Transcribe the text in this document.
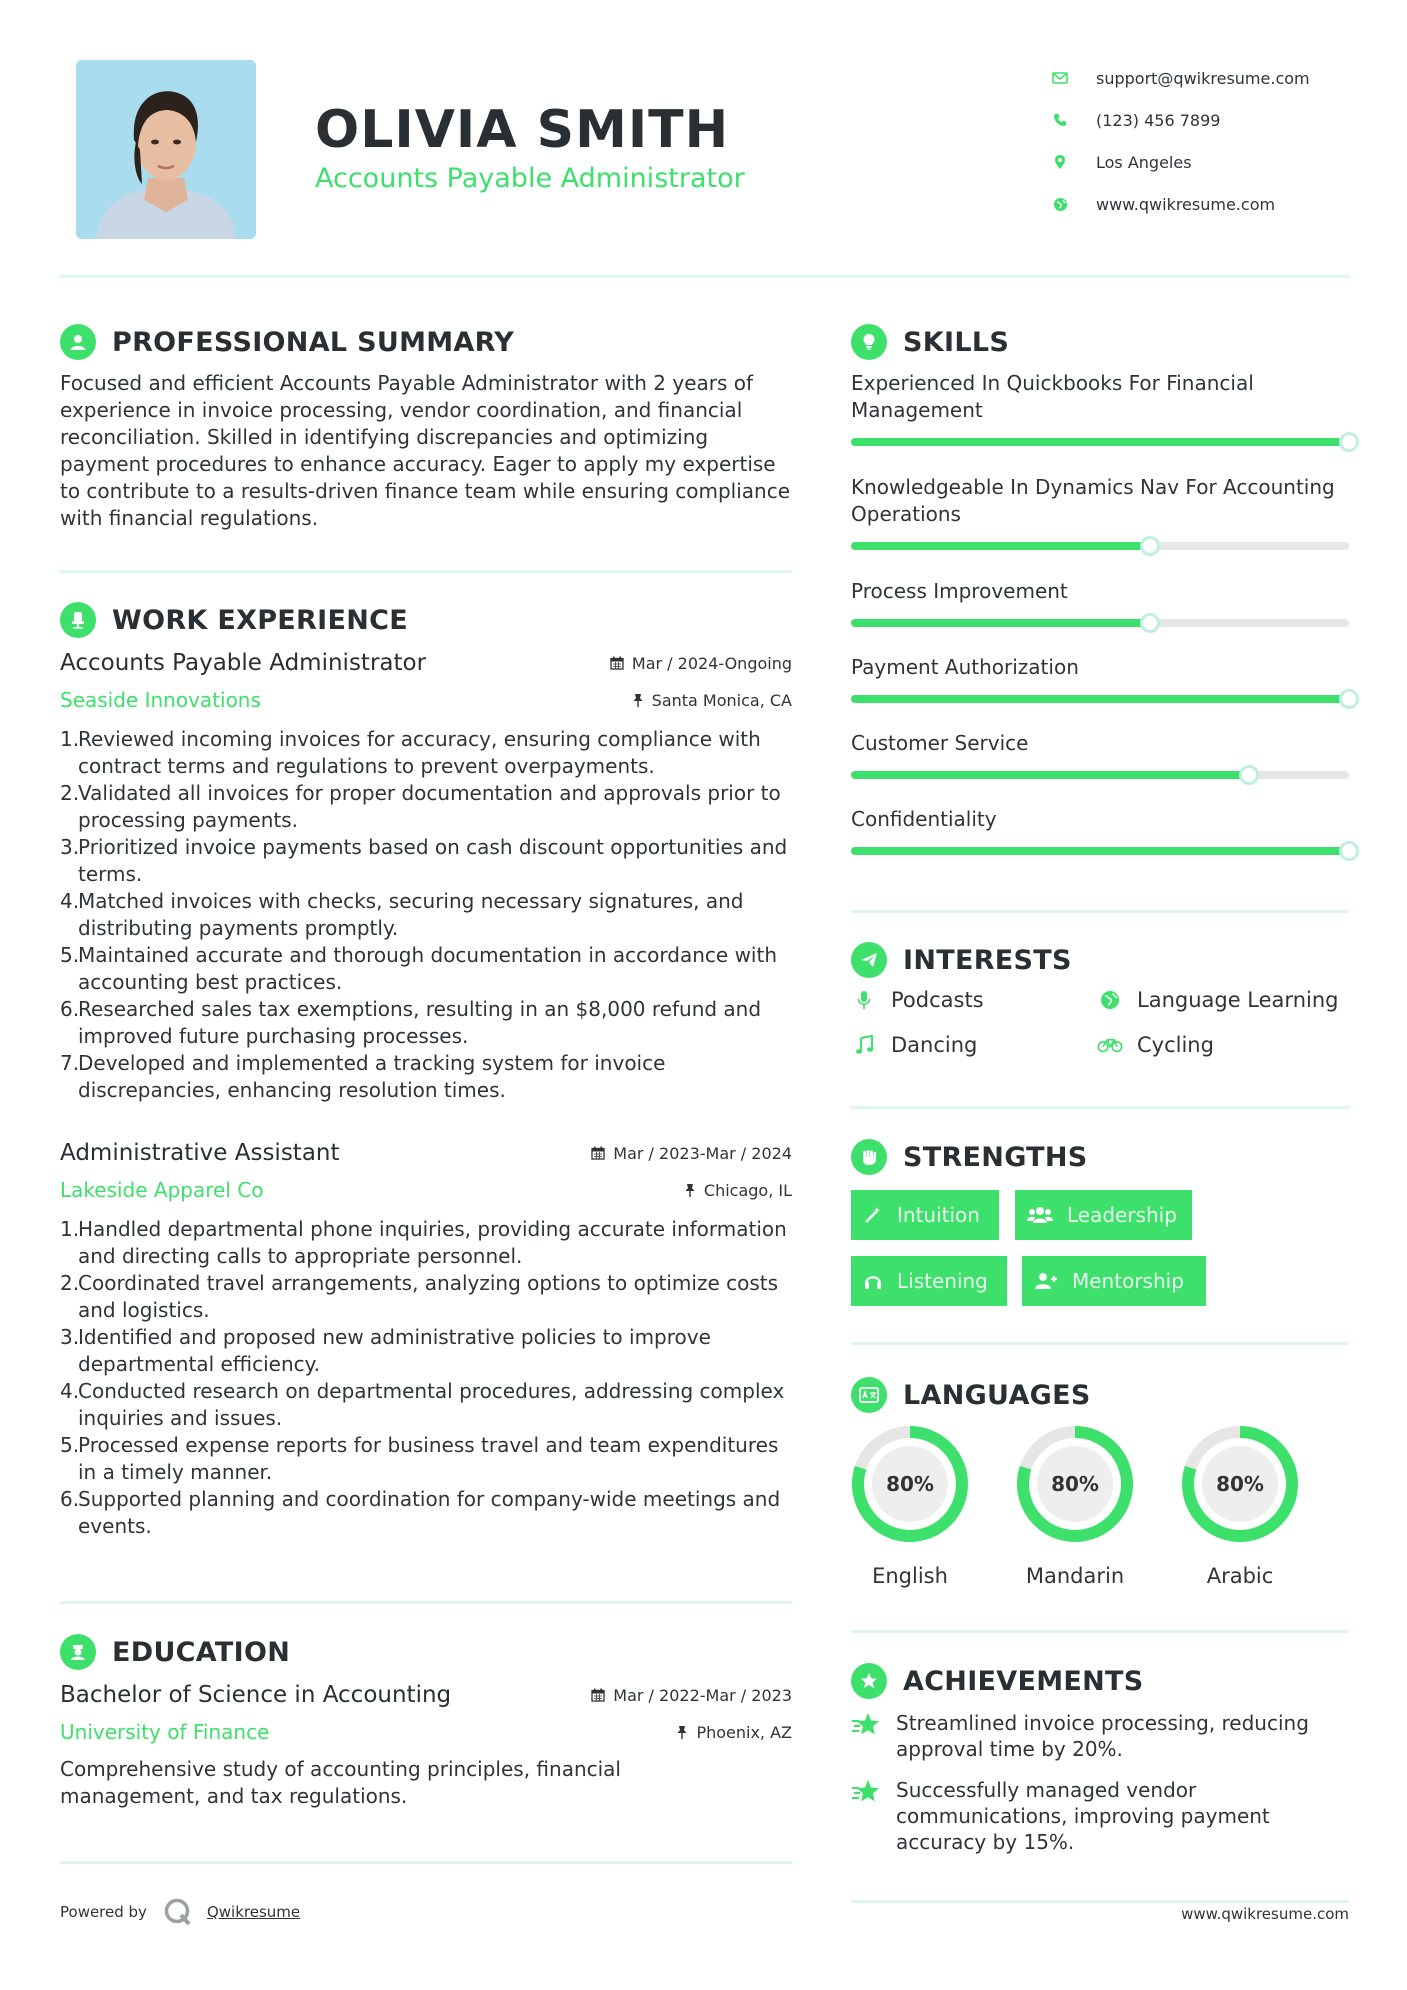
OLIVIA SMITH
Accounts Payable Administrator
support@qwikresume.com
(123) 456 7899
Los Angeles
www.qwikresume.com
PROFESSIONAL SUMMARY
Focused and efficient Accounts Payable Administrator with 2 years of experience in invoice processing, vendor coordination, and financial reconciliation. Skilled in identifying discrepancies and optimizing payment procedures to enhance accuracy. Eager to apply my expertise to contribute to a results-driven finance team while ensuring compliance with financial regulations.
WORK EXPERIENCE
Accounts Payable Administrator	Mar / 2024-Ongoing
Seaside Innovations	Santa Monica, CA
1.
Reviewed incoming invoices for accuracy, ensuring compliance with contract terms and regulations to prevent overpayments.
2.
Validated all invoices for proper documentation and approvals prior to processing payments.
3.
Prioritized invoice payments based on cash discount opportunities and terms.
4.
Matched invoices with checks, securing necessary signatures, and distributing payments promptly.
5.
Maintained accurate and thorough documentation in accordance with accounting best practices.
6.
Researched sales tax exemptions, resulting in an $8,000 refund and improved future purchasing processes.
7.
Developed and implemented a tracking system for invoice discrepancies, enhancing resolution times.
Administrative Assistant	Mar / 2023-Mar / 2024
Lakeside Apparel Co	Chicago, IL
1.
Handled departmental phone inquiries, providing accurate information and directing calls to appropriate personnel.
2.
Coordinated travel arrangements, analyzing options to optimize costs and logistics.
3.
Identified and proposed new administrative policies to improve departmental efficiency.
4.
Conducted research on departmental procedures, addressing complex inquiries and issues.
5.
Processed expense reports for business travel and team expenditures in a timely manner.
6.
Supported planning and coordination for company-wide meetings and events.
EDUCATION
Bachelor of Science in Accounting	Mar / 2022-Mar / 2023
University of Finance	Phoenix, AZ
Comprehensive study of accounting principles, financial management, and tax regulations.
SKILLS
Experienced In Quickbooks For Financial Management
Knowledgeable In Dynamics Nav For Accounting Operations
Process Improvement
Payment Authorization
Customer Service
Confidentiality
INTERESTS
Podcasts	Language Learning
Dancing	Cycling
STRENGTHS
Intuition	Leadership
Listening	Mentorship
LANGUAGES
80%
English
80%
Mandarin
80%
Arabic
ACHIEVEMENTS
Streamlined invoice processing, reducing approval time by 20%.
Successfully managed vendor communications, improving payment accuracy by 15%.
Powered by	Qwikresume	www.qwikresume.com
